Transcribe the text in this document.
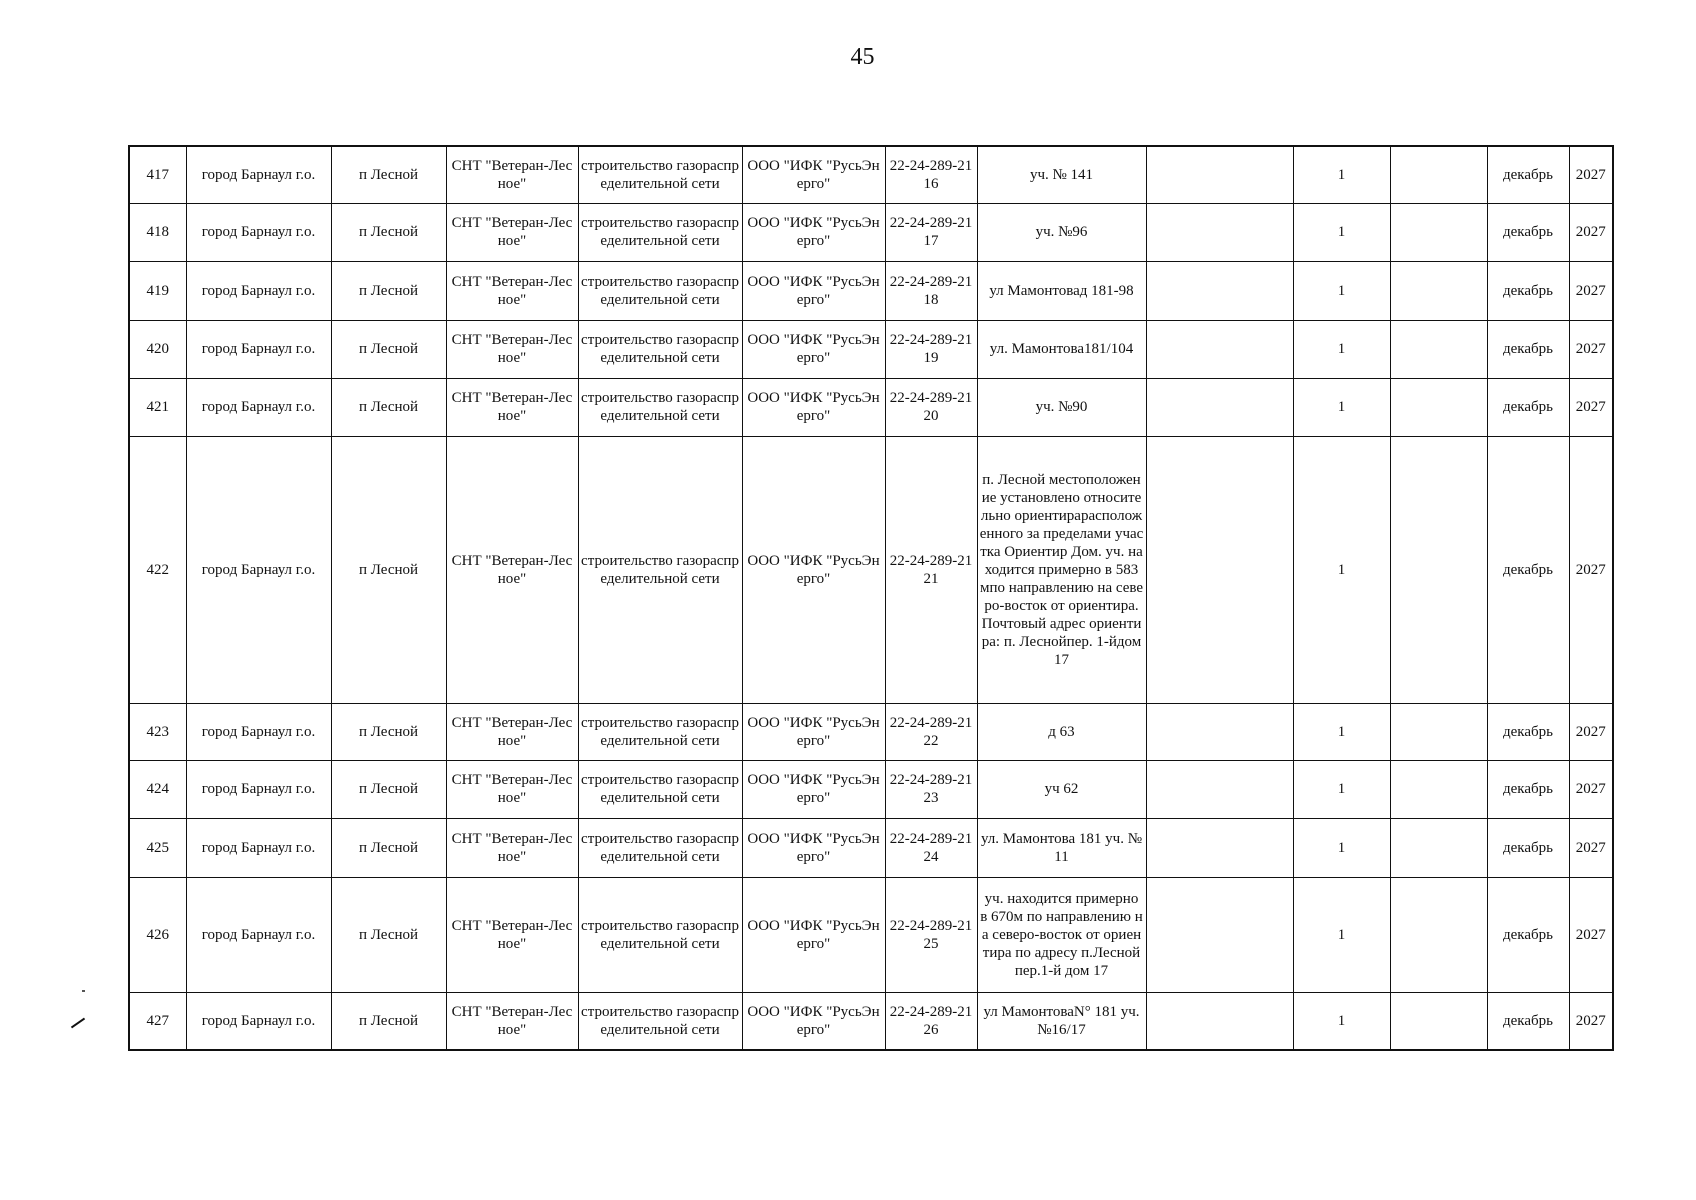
45
417	город Барнаул г.о.	п Лесной	СНТ "Ветеран-Лесное"	строительство газораспределительной сети	ООО "ИФК "РусьЭнерго"	22-24-289-2116	уч. № 141		1		декабрь	2027
418	город Барнаул г.о.	п Лесной	СНТ "Ветеран-Лесное"	строительство газораспределительной сети	ООО "ИФК "РусьЭнерго"	22-24-289-2117	уч. №96		1		декабрь	2027
419	город Барнаул г.о.	п Лесной	СНТ "Ветеран-Лесное"	строительство газораспределительной сети	ООО "ИФК "РусьЭнерго"	22-24-289-2118	ул Мамонтовад 181-98		1		декабрь	2027
420	город Барнаул г.о.	п Лесной	СНТ "Ветеран-Лесное"	строительство газораспределительной сети	ООО "ИФК "РусьЭнерго"	22-24-289-2119	ул. Мамонтова181/104		1		декабрь	2027
421	город Барнаул г.о.	п Лесной	СНТ "Ветеран-Лесное"	строительство газораспределительной сети	ООО "ИФК "РусьЭнерго"	22-24-289-2120	уч. №90		1		декабрь	2027
422	город Барнаул г.о.	п Лесной	СНТ "Ветеран-Лесное"	строительство газораспределительной сети	ООО "ИФК "РусьЭнерго"	22-24-289-2121	п. Лесной местоположение установлено относительно ориентирарасположенного за пределами участка Ориентир Дом. уч. находится примерно в 583 мпо направлению на северо-восток от ориентира. Почтовый адрес ориентира: п. Леснойпер. 1-йдом 17		1		декабрь	2027
423	город Барнаул г.о.	п Лесной	СНТ "Ветеран-Лесное"	строительство газораспределительной сети	ООО "ИФК "РусьЭнерго"	22-24-289-2122	д 63		1		декабрь	2027
424	город Барнаул г.о.	п Лесной	СНТ "Ветеран-Лесное"	строительство газораспределительной сети	ООО "ИФК "РусьЭнерго"	22-24-289-2123	уч 62		1		декабрь	2027
425	город Барнаул г.о.	п Лесной	СНТ "Ветеран-Лесное"	строительство газораспределительной сети	ООО "ИФК "РусьЭнерго"	22-24-289-2124	ул. Мамонтова 181 уч. № 11		1		декабрь	2027
426	город Барнаул г.о.	п Лесной	СНТ "Ветеран-Лесное"	строительство газораспределительной сети	ООО "ИФК "РусьЭнерго"	22-24-289-2125	уч. находится примерно в 670м по направлению на северо-восток от ориентира по адресу п.Леснойпер.1-й дом 17		1		декабрь	2027
427	город Барнаул г.о.	п Лесной	СНТ "Ветеран-Лесное"	строительство газораспределительной сети	ООО "ИФК "РусьЭнерго"	22-24-289-2126	ул МамонтоваN° 181 уч. №16/17		1		декабрь	2027
